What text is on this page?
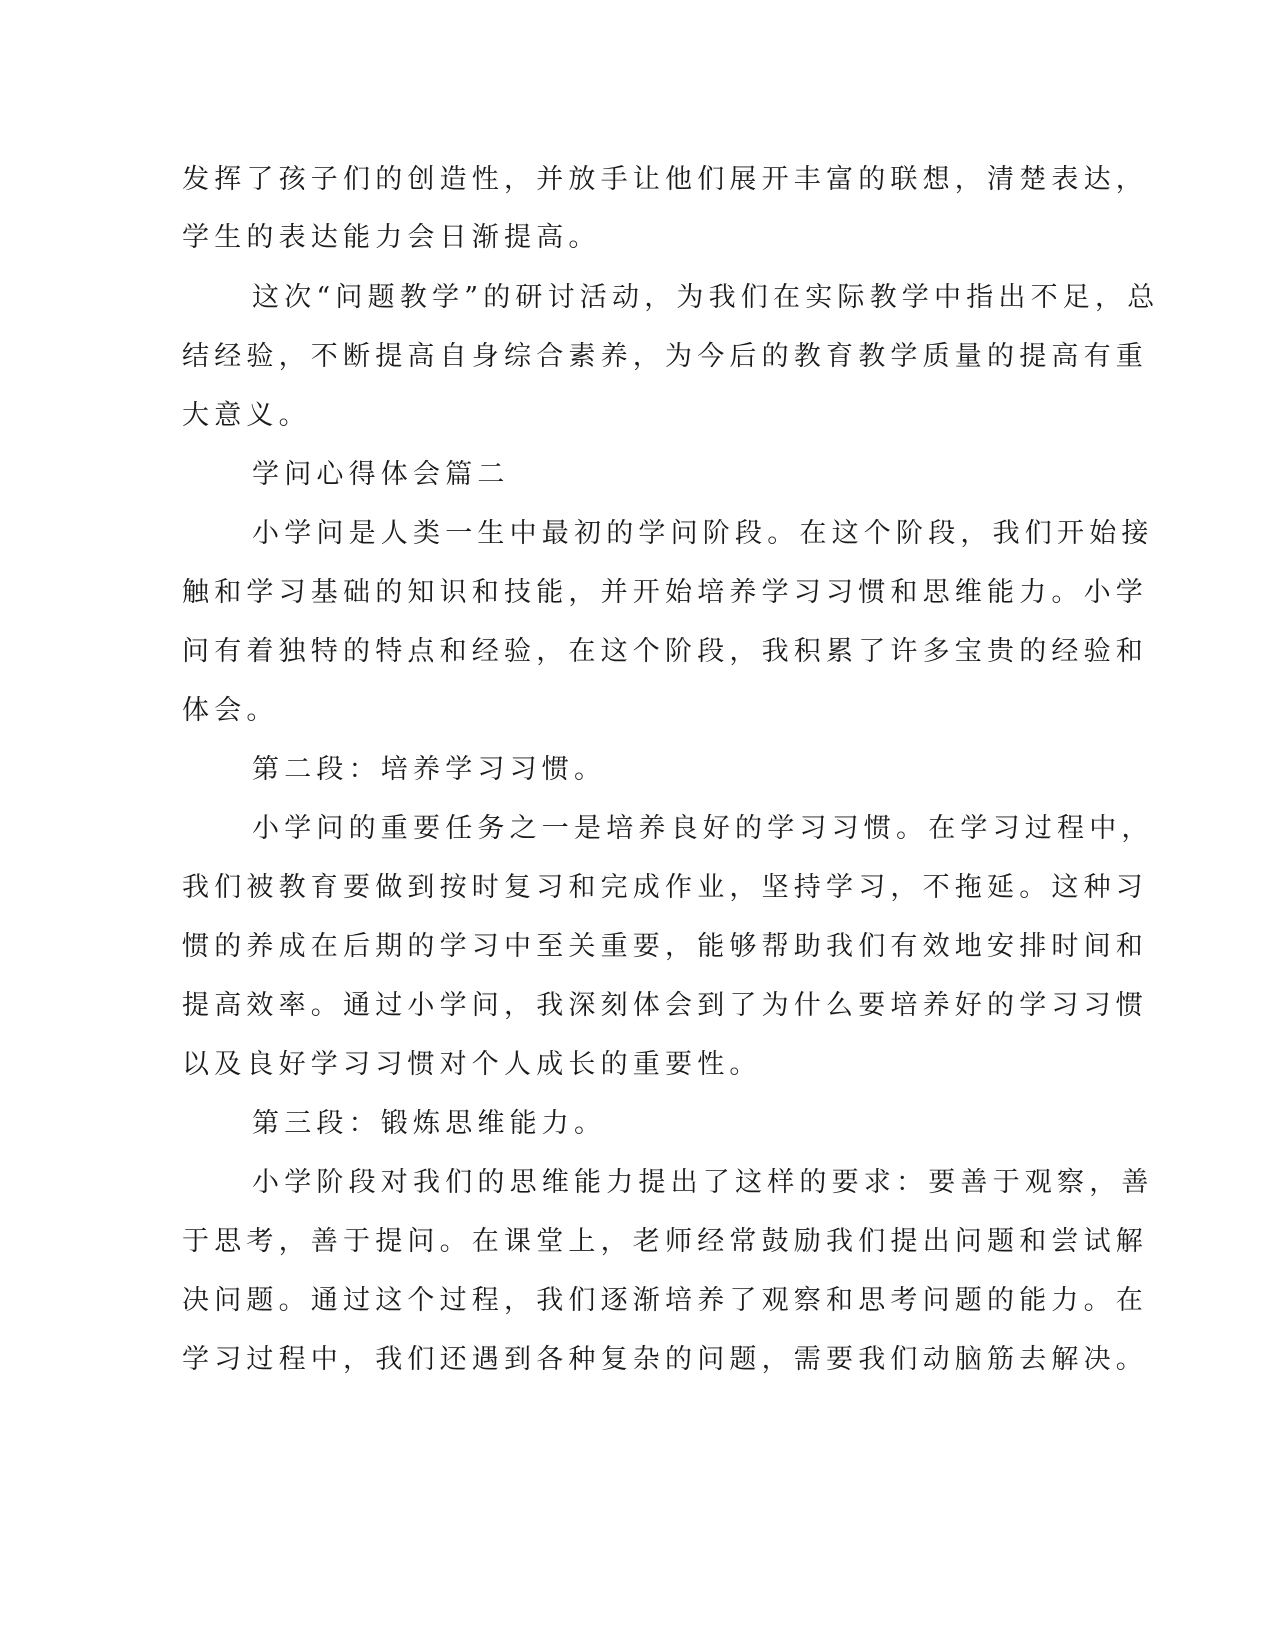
发挥了孩子们的创造性，并放手让他们展开丰富的联想，清楚表达，
学生的表达能力会日渐提高。
这次“问题教学”的研讨活动，为我们在实际教学中指出不足，总
结经验，不断提高自身综合素养，为今后的教育教学质量的提高有重
大意义。
学问心得体会篇二
小学问是人类一生中最初的学问阶段。在这个阶段，我们开始接
触和学习基础的知识和技能，并开始培养学习习惯和思维能力。小学
问有着独特的特点和经验，在这个阶段，我积累了许多宝贵的经验和
体会。
第二段：培养学习习惯。
小学问的重要任务之一是培养良好的学习习惯。在学习过程中，
我们被教育要做到按时复习和完成作业，坚持学习，不拖延。这种习
惯的养成在后期的学习中至关重要，能够帮助我们有效地安排时间和
提高效率。通过小学问，我深刻体会到了为什么要培养好的学习习惯
以及良好学习习惯对个人成长的重要性。
第三段：锻炼思维能力。
小学阶段对我们的思维能力提出了这样的要求：要善于观察，善
于思考，善于提问。在课堂上，老师经常鼓励我们提出问题和尝试解
决问题。通过这个过程，我们逐渐培养了观察和思考问题的能力。在
学习过程中，我们还遇到各种复杂的问题，需要我们动脑筋去解决。
